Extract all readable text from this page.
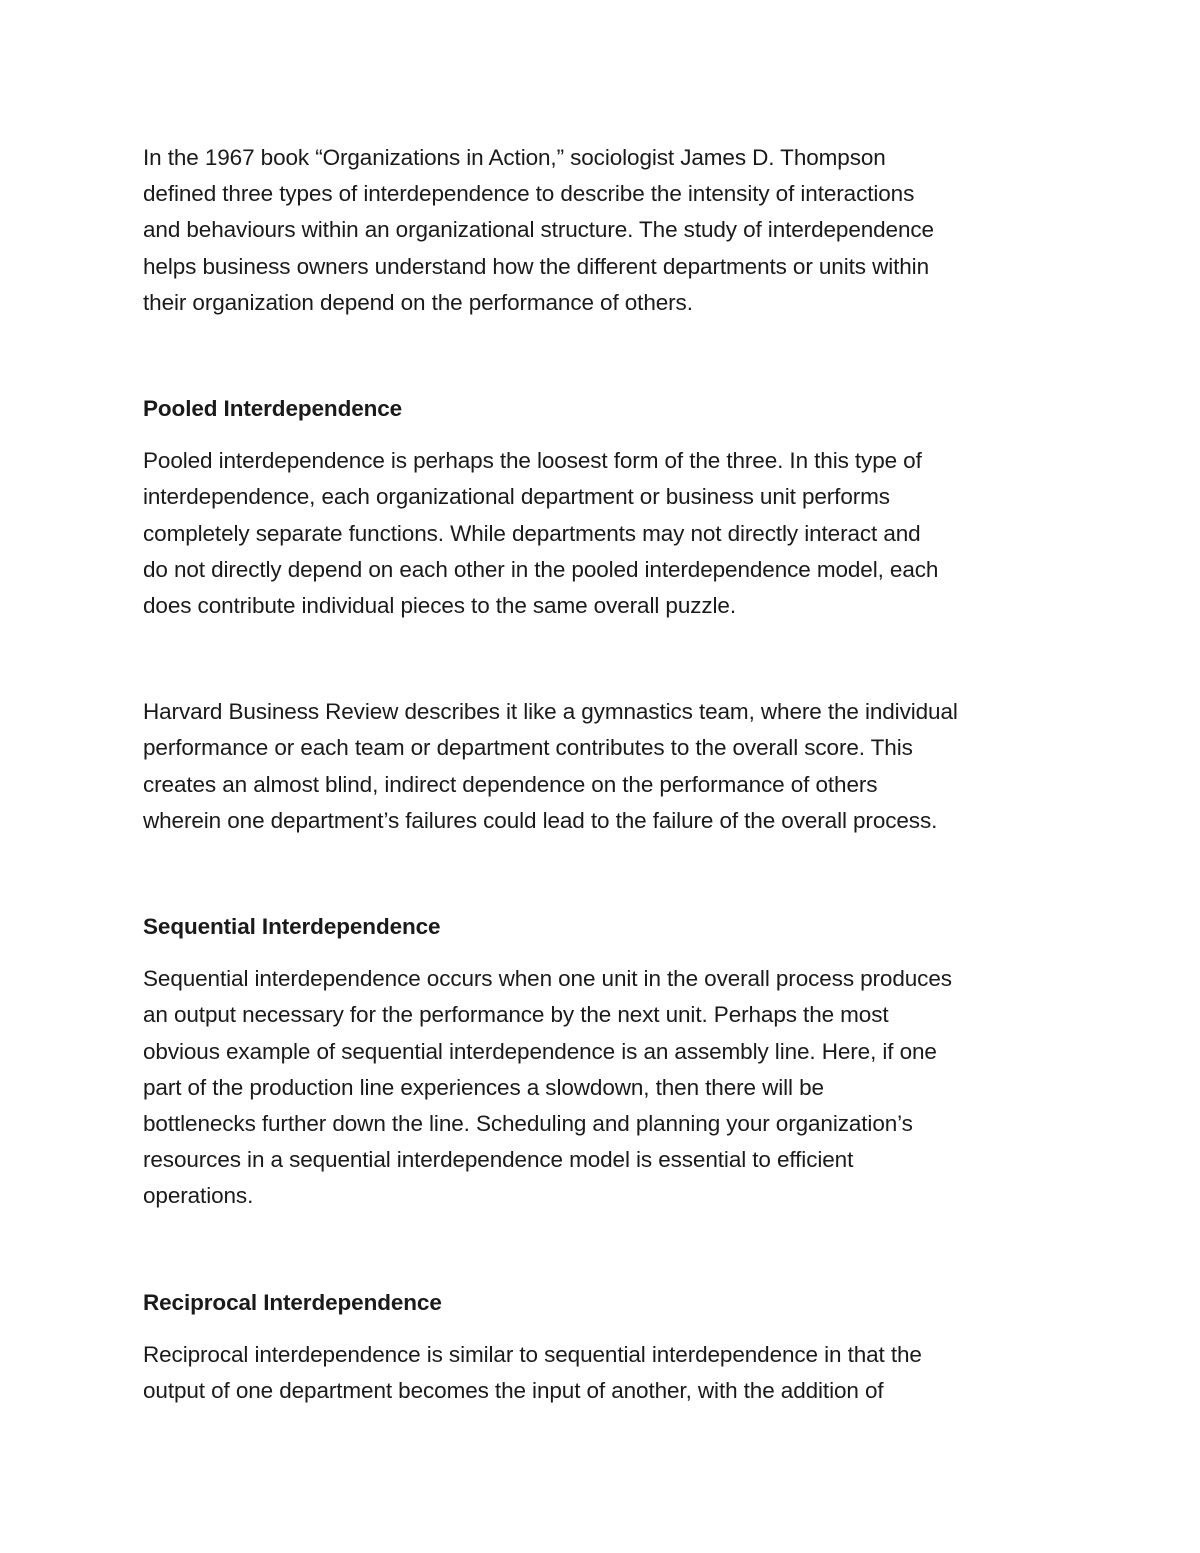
In the 1967 book “Organizations in Action,” sociologist James D. Thompson
defined three types of interdependence to describe the intensity of interactions
and behaviours within an organizational structure. The study of interdependence
helps business owners understand how the different departments or units within
their organization depend on the performance of others.

Pooled Interdependence

Pooled interdependence is perhaps the loosest form of the three. In this type of
interdependence, each organizational department or business unit performs
completely separate functions. While departments may not directly interact and
do not directly depend on each other in the pooled interdependence model, each
does contribute individual pieces to the same overall puzzle.

Harvard Business Review describes it like a gymnastics team, where the individual
performance or each team or department contributes to the overall score. This
creates an almost blind, indirect dependence on the performance of others
wherein one department’s failures could lead to the failure of the overall process.

Sequential Interdependence

Sequential interdependence occurs when one unit in the overall process produces
an output necessary for the performance by the next unit. Perhaps the most
obvious example of sequential interdependence is an assembly line. Here, if one
part of the production line experiences a slowdown, then there will be
bottlenecks further down the line. Scheduling and planning your organization’s
resources in a sequential interdependence model is essential to efficient
operations.

Reciprocal Interdependence

Reciprocal interdependence is similar to sequential interdependence in that the
output of one department becomes the input of another, with the addition of
